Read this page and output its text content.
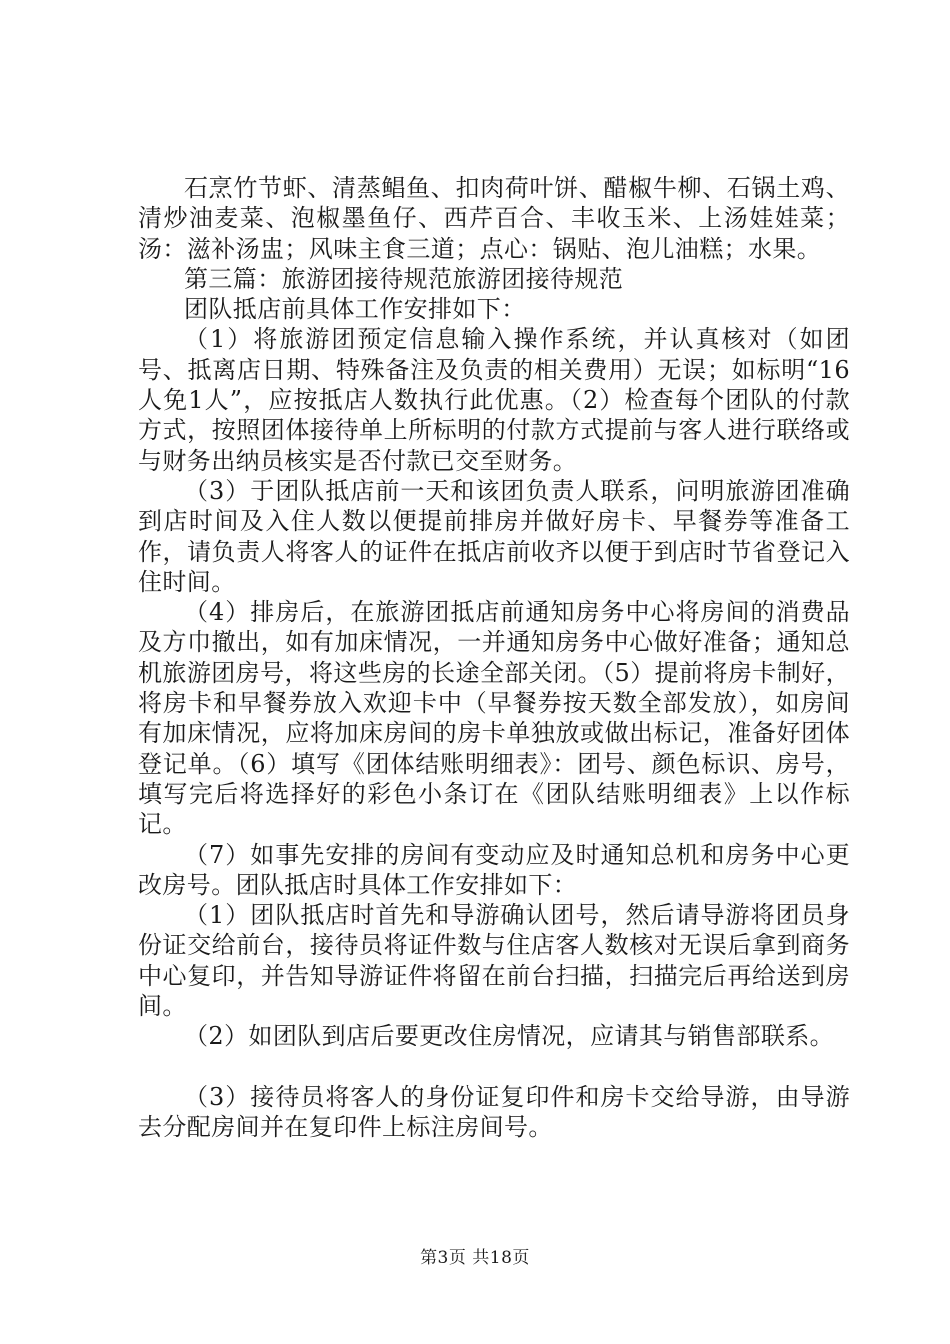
石烹竹节虾、清蒸鲳鱼、扣肉荷叶饼、醋椒牛柳、石锅土鸡、清炒油麦菜、泡椒墨鱼仔、西芹百合、丰收玉米、上汤娃娃菜；汤：滋补汤盅；风味主食三道；点心：锅贴、泡儿油糕；水果。

第三篇：旅游团接待规范旅游团接待规范

团队抵店前具体工作安排如下：

（1）将旅游团预定信息输入操作系统，并认真核对（如团号、抵离店日期、特殊备注及负责的相关费用）无误；如标明“16人免1人”，应按抵店人数执行此优惠。（2）检查每个团队的付款方式，按照团体接待单上所标明的付款方式提前与客人进行联络或与财务出纳员核实是否付款已交至财务。

（3）于团队抵店前一天和该团负责人联系，问明旅游团准确到店时间及入住人数以便提前排房并做好房卡、早餐券等准备工作，请负责人将客人的证件在抵店前收齐以便于到店时节省登记入住时间。

（4）排房后，在旅游团抵店前通知房务中心将房间的消费品及方巾撤出，如有加床情况，一并通知房务中心做好准备；通知总机旅游团房号，将这些房的长途全部关闭。（5）提前将房卡制好，将房卡和早餐券放入欢迎卡中（早餐券按天数全部发放），如房间有加床情况，应将加床房间的房卡单独放或做出标记，准备好团体登记单。（6）填写《团体结账明细表》：团号、颜色标识、房号，填写完后将选择好的彩色小条订在《团队结账明细表》上以作标记。

（7）如事先安排的房间有变动应及时通知总机和房务中心更改房号。团队抵店时具体工作安排如下：

（1）团队抵店时首先和导游确认团号，然后请导游将团员身份证交给前台，接待员将证件数与住店客人数核对无误后拿到商务中心复印，并告知导游证件将留在前台扫描，扫描完后再给送到房间。

（2）如团队到店后要更改住房情况，应请其与销售部联系。

（3）接待员将客人的身份证复印件和房卡交给导游，由导游去分配房间并在复印件上标注房间号。

第3页 共18页
